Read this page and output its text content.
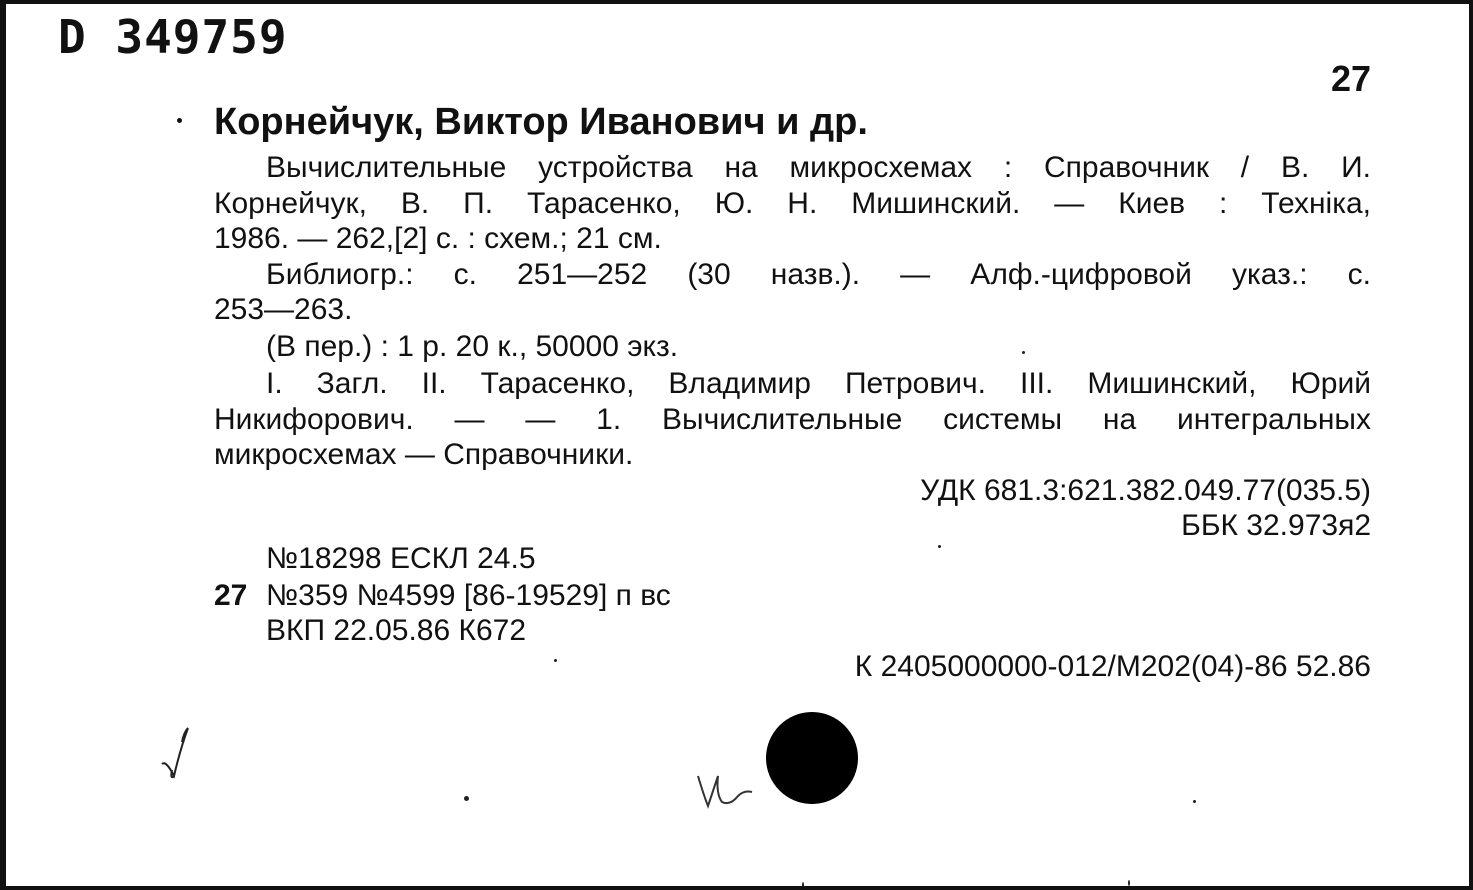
D 349759
27
Корнейчук, Виктор Иванович и др.
Вычислительные устройства на микросхемах : Справочник / В. И.
Корнейчук, В. П. Тарасенко, Ю. Н. Мишинский. — Киев : Техніка,
1986. — 262,[2] с. : схем.; 21 см.
Библиогр.: с. 251—252 (30 назв.). — Алф.-цифровой указ.: с.
253—263.
(В пер.) : 1 р. 20 к., 50000 экз.
I. Загл. II. Тарасенко, Владимир Петрович. III. Мишинский, Юрий
Никифорович. — — 1. Вычислительные системы на интегральных
микросхемах — Справочники.
УДК 681.3:621.382.049.77(035.5)
ББК 32.973я2
№18298 ЕСКЛ 24.5
27 №359 №4599 [86-19529] п вс
ВКП 22.05.86 К672
К 2405000000-012/М202(04)-86 52.86
